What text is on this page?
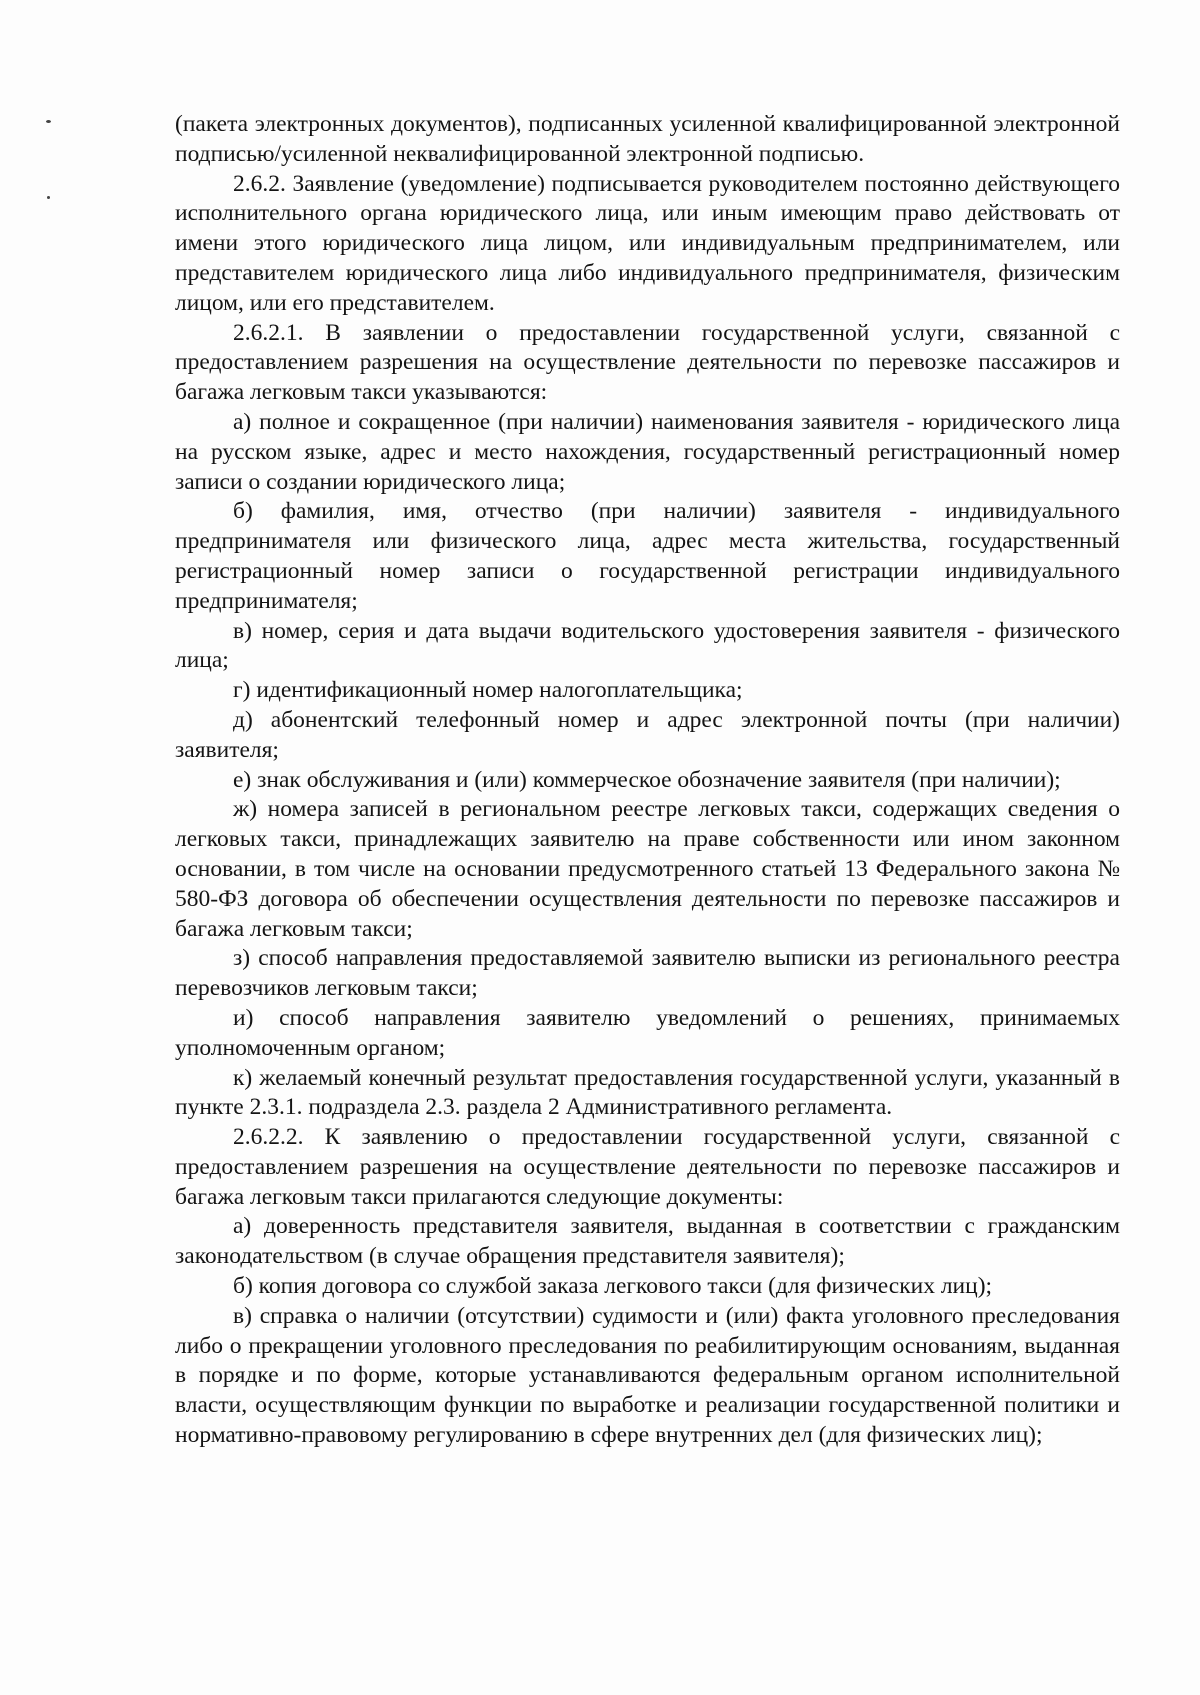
(пакета электронных документов), подписанных усиленной квалифицированной электронной подписью/усиленной неквалифицированной электронной подписью.

2.6.2. Заявление (уведомление) подписывается руководителем постоянно действующего исполнительного органа юридического лица, или иным имеющим право действовать от имени этого юридического лица лицом, или индивидуальным предпринимателем, или представителем юридического лица либо индивидуального предпринимателя, физическим лицом, или его представителем.

2.6.2.1. В заявлении о предоставлении государственной услуги, связанной с предоставлением разрешения на осуществление деятельности по перевозке пассажиров и багажа легковым такси указываются:

а) полное и сокращенное (при наличии) наименования заявителя - юридического лица на русском языке, адрес и место нахождения, государственный регистрационный номер записи о создании юридического лица;

б) фамилия, имя, отчество (при наличии) заявителя - индивидуального предпринимателя или физического лица, адрес места жительства, государственный регистрационный номер записи о государственной регистрации индивидуального предпринимателя;

в) номер, серия и дата выдачи водительского удостоверения заявителя - физического лица;

г) идентификационный номер налогоплательщика;

д) абонентский телефонный номер и адрес электронной почты (при наличии) заявителя;

е) знак обслуживания и (или) коммерческое обозначение заявителя (при наличии);

ж) номера записей в региональном реестре легковых такси, содержащих сведения о легковых такси, принадлежащих заявителю на праве собственности или ином законном основании, в том числе на основании предусмотренного статьей 13 Федерального закона № 580-ФЗ договора об обеспечении осуществления деятельности по перевозке пассажиров и багажа легковым такси;

з) способ направления предоставляемой заявителю выписки из регионального реестра перевозчиков легковым такси;

и) способ направления заявителю уведомлений о решениях, принимаемых уполномоченным органом;

к) желаемый конечный результат предоставления государственной услуги, указанный в пункте 2.3.1. подраздела 2.3. раздела 2 Административного регламента.

2.6.2.2. К заявлению о предоставлении государственной услуги, связанной с предоставлением разрешения на осуществление деятельности по перевозке пассажиров и багажа легковым такси прилагаются следующие документы:

а) доверенность представителя заявителя, выданная в соответствии с гражданским законодательством (в случае обращения представителя заявителя);

б) копия договора со службой заказа легкового такси (для физических лиц);

в) справка о наличии (отсутствии) судимости и (или) факта уголовного преследования либо о прекращении уголовного преследования по реабилитирующим основаниям, выданная в порядке и по форме, которые устанавливаются федеральным органом исполнительной власти, осуществляющим функции по выработке и реализации государственной политики и нормативно-правовому регулированию в сфере внутренних дел (для физических лиц);
